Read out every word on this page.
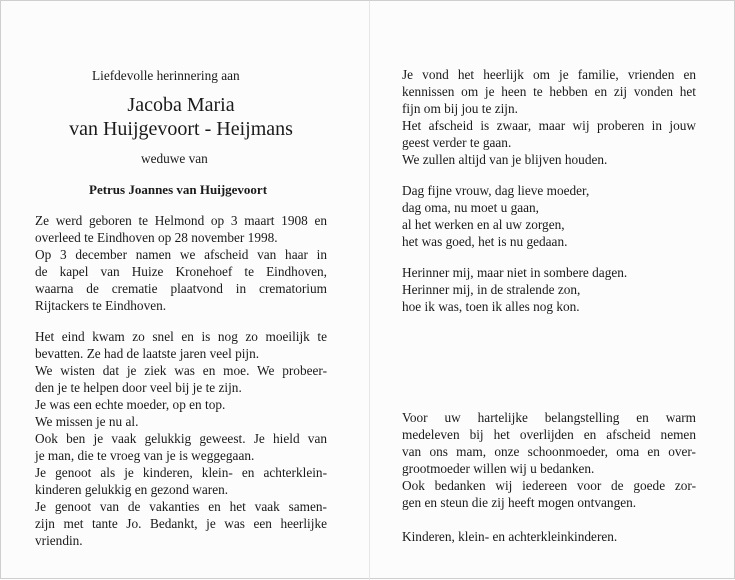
Liefdevolle herinnering aan
Jacoba Maria
van Huijgevoort - Heijmans
weduwe van
Petrus Joannes van Huijgevoort
Ze werd geboren te Helmond op 3 maart 1908 en
overleed te Eindhoven op 28 november 1998.
Op 3 december namen we afscheid van haar in
de kapel van Huize Kronehoef te Eindhoven,
waarna de crematie plaatvond in crematorium
Rijtackers te Eindhoven.
Het eind kwam zo snel en is nog zo moeilijk te
bevatten. Ze had de laatste jaren veel pijn.
We wisten dat je ziek was en moe. We probeer-
den je te helpen door veel bij je te zijn.
Je was een echte moeder, op en top.
We missen je nu al.
Ook ben je vaak gelukkig geweest. Je hield van
je man, die te vroeg van je is weggegaan.
Je genoot als je kinderen, klein- en achterklein-
kinderen gelukkig en gezond waren.
Je genoot van de vakanties en het vaak samen-
zijn met tante Jo. Bedankt, je was een heerlijke
vriendin.
Je vond het heerlijk om je familie, vrienden en
kennissen om je heen te hebben en zij vonden het
fijn om bij jou te zijn.
Het afscheid is zwaar, maar wij proberen in jouw
geest verder te gaan.
We zullen altijd van je blijven houden.
Dag fijne vrouw, dag lieve moeder,
dag oma, nu moet u gaan,
al het werken en al uw zorgen,
het was goed, het is nu gedaan.
Herinner mij, maar niet in sombere dagen.
Herinner mij, in de stralende zon,
hoe ik was, toen ik alles nog kon.
Voor uw hartelijke belangstelling en warm
medeleven bij het overlijden en afscheid nemen
van ons mam, onze schoonmoeder, oma en over-
grootmoeder willen wij u bedanken.
Ook bedanken wij iedereen voor de goede zor-
gen en steun die zij heeft mogen ontvangen.
Kinderen, klein- en achterkleinkinderen.
